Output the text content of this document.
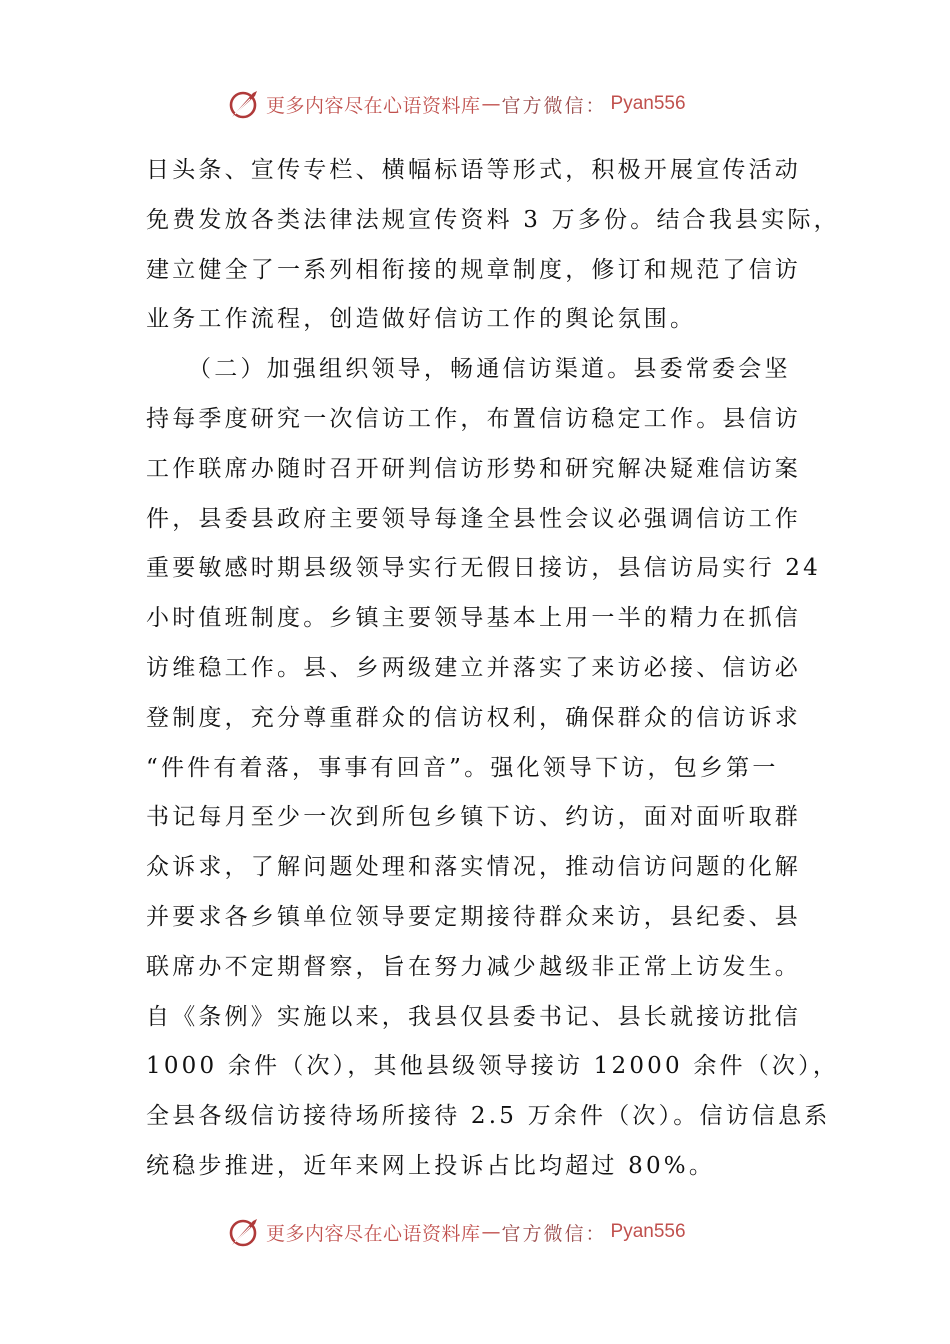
更多内容尽在心语资料库 — 官方微信： Pyan556
日头条、宣传专栏、横幅标语等形式，积极开展宣传活动
免费发放各类法律法规宣传资料 3 万多份。结合我县实际，
建立健全了一系列相衔接的规章制度，修订和规范了信访
业务工作流程，创造做好信访工作的舆论氛围。
（二）加强组织领导，畅通信访渠道。县委常委会坚
持每季度研究一次信访工作，布置信访稳定工作。县信访
工作联席办随时召开研判信访形势和研究解决疑难信访案
件，县委县政府主要领导每逢全县性会议必强调信访工作
重要敏感时期县级领导实行无假日接访，县信访局实行 24
小时值班制度。乡镇主要领导基本上用一半的精力在抓信
访维稳工作。县、乡两级建立并落实了来访必接、信访必
登制度，充分尊重群众的信访权利，确保群众的信访诉求
“件件有着落，事事有回音”。强化领导下访，包乡第一
书记每月至少一次到所包乡镇下访、约访，面对面听取群
众诉求，了解问题处理和落实情况，推动信访问题的化解
并要求各乡镇单位领导要定期接待群众来访，县纪委、县
联席办不定期督察，旨在努力减少越级非正常上访发生。
自《条例》实施以来，我县仅县委书记、县长就接访批信
1000 余件（次），其他县级领导接访 12000 余件（次），
全县各级信访接待场所接待 2.5 万余件（次）。信访信息系
统稳步推进，近年来网上投诉占比均超过 80%。
更多内容尽在心语资料库 — 官方微信： Pyan556
